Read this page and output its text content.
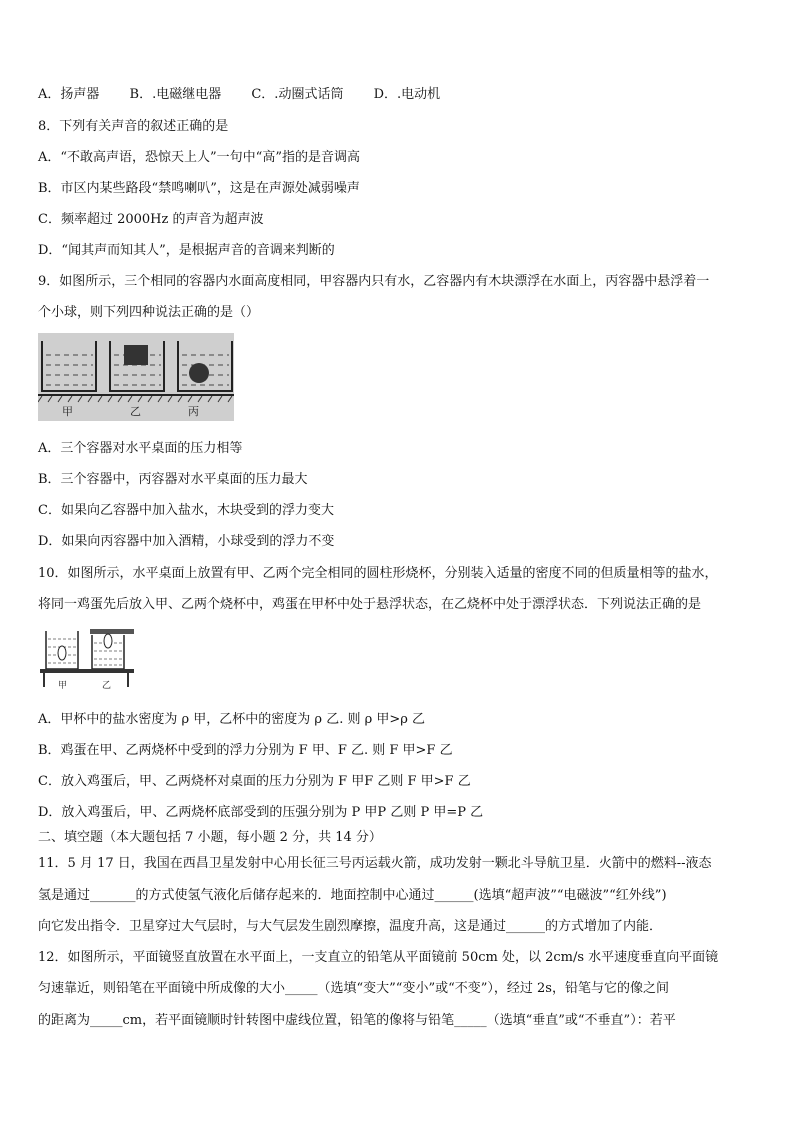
A．扬声器 B．.电磁继电器 C．.动圈式话筒 D．.电动机
8．下列有关声音的叙述正确的是
A．“不敢高声语，恐惊天上人”一句中“高”指的是音调高
B．市区内某些路段“禁鸣喇叭”，这是在声源处减弱噪声
C．频率超过 2000Hz 的声音为超声波
D．“闻其声而知其人”，是根据声音的音调来判断的
9．如图所示，三个相同的容器内水面高度相同，甲容器内只有水，乙容器内有木块漂浮在水面上，丙容器中悬浮着一
个小球，则下列四种说法正确的是（）
甲	乙	丙
A．三个容器对水平桌面的压力相等
B．三个容器中，丙容器对水平桌面的压力最大
C．如果向乙容器中加入盐水，木块受到的浮力变大
D．如果向丙容器中加入酒精，小球受到的浮力不变
10．如图所示，水平桌面上放置有甲、乙两个完全相同的圆柱形烧杯，分别装入适量的密度不同的但质量相等的盐水，
将同一鸡蛋先后放入甲、乙两个烧杯中，鸡蛋在甲杯中处于悬浮状态，在乙烧杯中处于漂浮状态．下列说法正确的是
甲	乙
A．甲杯中的盐水密度为 ρ 甲，乙杯中的密度为 ρ 乙. 则 ρ 甲>ρ 乙
B．鸡蛋在甲、乙两烧杯中受到的浮力分别为 F 甲、F 乙. 则 F 甲>F 乙
C．放入鸡蛋后，甲、乙两烧杯对桌面的压力分别为 F 甲F 乙则 F 甲>F 乙
D．放入鸡蛋后，甲、乙两烧杯底部受到的压强分别为 P 甲P 乙则 P 甲=P 乙
二、填空题（本大题包括 7 小题，每小题 2 分，共 14 分）
11．5 月 17 日，我国在西昌卫星发射中心用长征三号丙运载火箭，成功发射一颗北斗导航卫星．火箭中的燃料--液态
氢是通过_______的方式使氢气液化后储存起来的．地面控制中心通过______(选填“超声波”“电磁波”“红外线”)
向它发出指令．卫星穿过大气层时，与大气层发生剧烈摩擦，温度升高，这是通过______的方式增加了内能．
12．如图所示，平面镜竖直放置在水平面上，一支直立的铅笔从平面镜前 50cm 处，以 2cm/s 水平速度垂直向平面镜
匀速靠近，则铅笔在平面镜中所成像的大小_____（选填“变大”“变小”或“不变”），经过 2s，铅笔与它的像之间
的距离为_____cm，若平面镜顺时针转图中虚线位置，铅笔的像将与铅笔_____（选填“垂直”或“不垂直”）：若平
